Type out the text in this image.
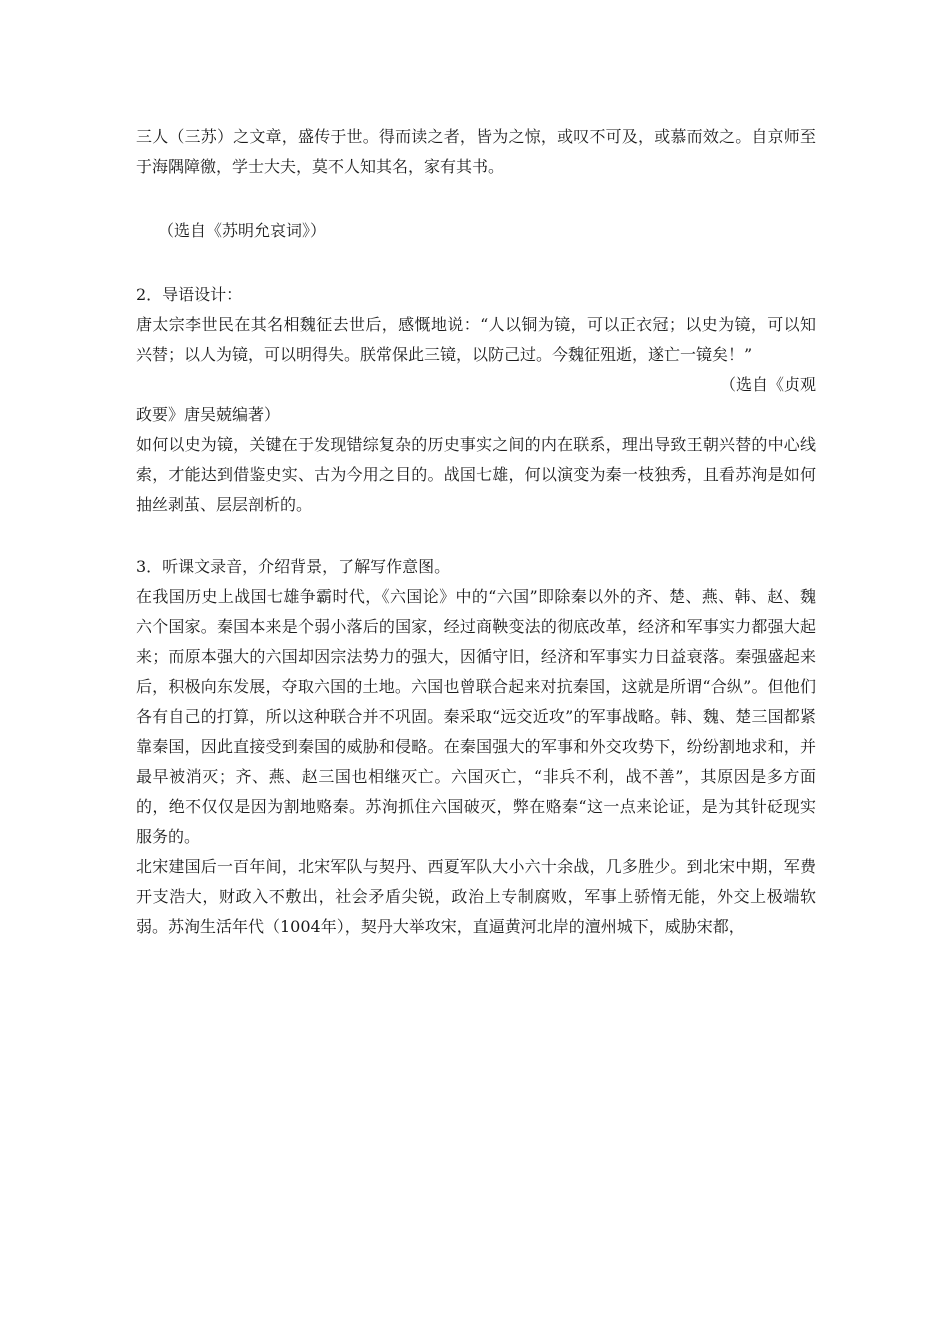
三人（三苏）之文章，盛传于世。得而读之者，皆为之惊，或叹不可及，或慕而效之。自京师至于海隅障徼，学士大夫，莫不人知其名，家有其书。

（选自《苏明允哀词》）

2．导语设计：

唐太宗李世民在其名相魏征去世后，感慨地说：“人以铜为镜，可以正衣冠；以史为镜，可以知兴替；以人为镜，可以明得失。朕常保此三镜，以防己过。今魏征殂逝，遂亡一镜矣！”

（选自《贞观

政要》唐吴兢编著）

如何以史为镜，关键在于发现错综复杂的历史事实之间的内在联系，理出导致王朝兴替的中心线索，才能达到借鉴史实、古为今用之目的。战国七雄，何以演变为秦一枝独秀，且看苏洵是如何抽丝剥茧、层层剖析的。

3．听课文录音，介绍背景，了解写作意图。

在我国历史上战国七雄争霸时代，《六国论》中的“六国”即除秦以外的齐、楚、燕、韩、赵、魏六个国家。秦国本来是个弱小落后的国家，经过商鞅变法的彻底改革，经济和军事实力都强大起来；而原本强大的六国却因宗法势力的强大，因循守旧，经济和军事实力日益衰落。秦强盛起来后，积极向东发展，夺取六国的土地。六国也曾联合起来对抗秦国，这就是所谓“合纵”。但他们各有自己的打算，所以这种联合并不巩固。秦采取“远交近攻”的军事战略。韩、魏、楚三国都紧靠秦国，因此直接受到秦国的威胁和侵略。在秦国强大的军事和外交攻势下，纷纷割地求和，并最早被消灭；齐、燕、赵三国也相继灭亡。六国灭亡，“非兵不利，战不善”，其原因是多方面的，绝不仅仅是因为割地赂秦。苏洵抓住六国破灭，弊在赂秦“这一点来论证，是为其针砭现实服务的。

北宋建国后一百年间，北宋军队与契丹、西夏军队大小六十余战，几多胜少。到北宋中期，军费开支浩大，财政入不敷出，社会矛盾尖锐，政治上专制腐败，军事上骄惰无能，外交上极端软弱。苏洵生活年代（1004年），契丹大举攻宋，直逼黄河北岸的澶州城下，威胁宋都，
